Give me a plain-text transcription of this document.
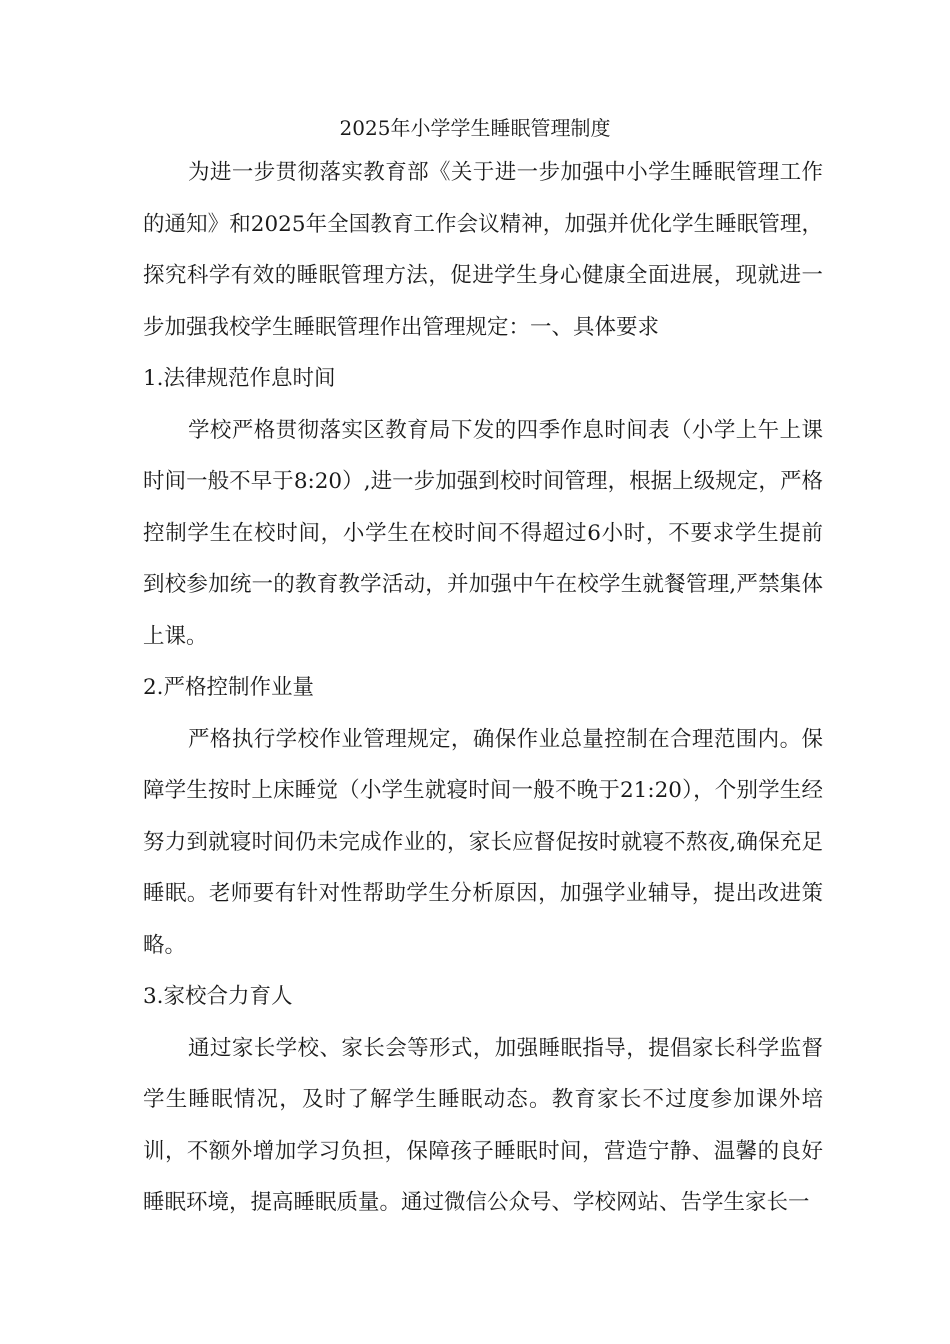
2025年小学学生睡眠管理制度

为进一步贯彻落实教育部《关于进一步加强中小学生睡眠管理工作的通知》和2025年全国教育工作会议精神，加强并优化学生睡眠管理，探究科学有效的睡眠管理方法，促进学生身心健康全面进展，现就进一步加强我校学生睡眠管理作出管理规定：一、具体要求

1.法律规范作息时间

学校严格贯彻落实区教育局下发的四季作息时间表（小学上午上课时间一般不早于8:20）,进一步加强到校时间管理，根据上级规定，严格控制学生在校时间，小学生在校时间不得超过6小时，不要求学生提前到校参加统一的教育教学活动，并加强中午在校学生就餐管理,严禁集体上课。

2.严格控制作业量

严格执行学校作业管理规定，确保作业总量控制在合理范围内。保障学生按时上床睡觉（小学生就寝时间一般不晚于21:20），个别学生经努力到就寝时间仍未完成作业的，家长应督促按时就寝不熬夜,确保充足睡眠。老师要有针对性帮助学生分析原因，加强学业辅导，提出改进策略。

3.家校合力育人

通过家长学校、家长会等形式，加强睡眠指导，提倡家长科学监督学生睡眠情况，及时了解学生睡眠动态。教育家长不过度参加课外培训，不额外增加学习负担，保障孩子睡眠时间，营造宁静、温馨的良好睡眠环境，提高睡眠质量。通过微信公众号、学校网站、告学生家长一
